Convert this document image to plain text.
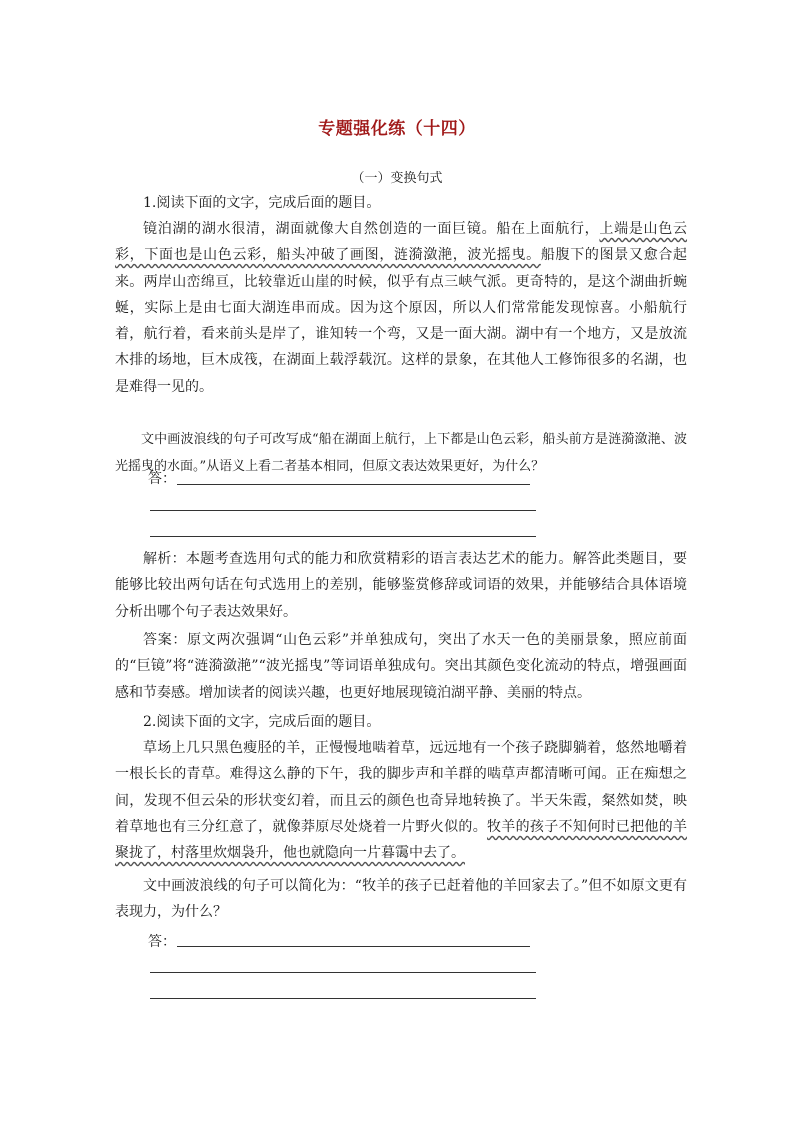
专题强化练（十四）
（一）变换句式

1.阅读下面的文字，完成后面的题目。

镜泊湖的湖水很清，湖面就像大自然创造的一面巨镜。船在上面航行，上端是山色云彩，下面也是山色云彩，船头冲破了画图，涟漪潋滟，波光摇曳。船腹下的图景又愈合起来。两岸山峦绵亘，比较靠近山崖的时候，似乎有点三峡气派。更奇特的，是这个湖曲折蜿蜒，实际上是由七面大湖连串而成。因为这个原因，所以人们常常能发现惊喜。小船航行着，航行着，看来前头是岸了，谁知转一个弯，又是一面大湖。湖中有一个地方，又是放流木排的场地，巨木成筏，在湖面上载浮载沉。这样的景象，在其他人工修饰很多的名湖，也是难得一见的。

文中画波浪线的句子可改写成“船在湖面上航行，上下都是山色云彩，船头前方是涟漪潋滟、波光摇曳的水面。”从语义上看二者基本相同，但原文表达效果更好，为什么？

答：

解析：本题考查选用句式的能力和欣赏精彩的语言表达艺术的能力。解答此类题目，要能够比较出两句话在句式选用上的差别，能够鉴赏修辞或词语的效果，并能够结合具体语境分析出哪个句子表达效果好。

答案：原文两次强调“山色云彩”并单独成句，突出了水天一色的美丽景象，照应前面的“巨镜”将“涟漪潋滟”“波光摇曳”等词语单独成句。突出其颜色变化流动的特点，增强画面感和节奏感。增加读者的阅读兴趣，也更好地展现镜泊湖平静、美丽的特点。

2.阅读下面的文字，完成后面的题目。

草场上几只黑色瘦胫的羊，正慢慢地啮着草，远远地有一个孩子跷脚躺着，悠然地嚼着一根长长的青草。难得这么静的下午，我的脚步声和羊群的啮草声都清晰可闻。正在痴想之间，发现不但云朵的形状变幻着，而且云的颜色也奇异地转换了。半天朱霞，粲然如焚，映着草地也有三分红意了，就像莽原尽处烧着一片野火似的。牧羊的孩子不知何时已把他的羊聚拢了，村落里炊烟袅升，他也就隐向一片暮霭中去了。

文中画波浪线的句子可以简化为：“牧羊的孩子已赶着他的羊回家去了。”但不如原文更有表现力，为什么？

答：
